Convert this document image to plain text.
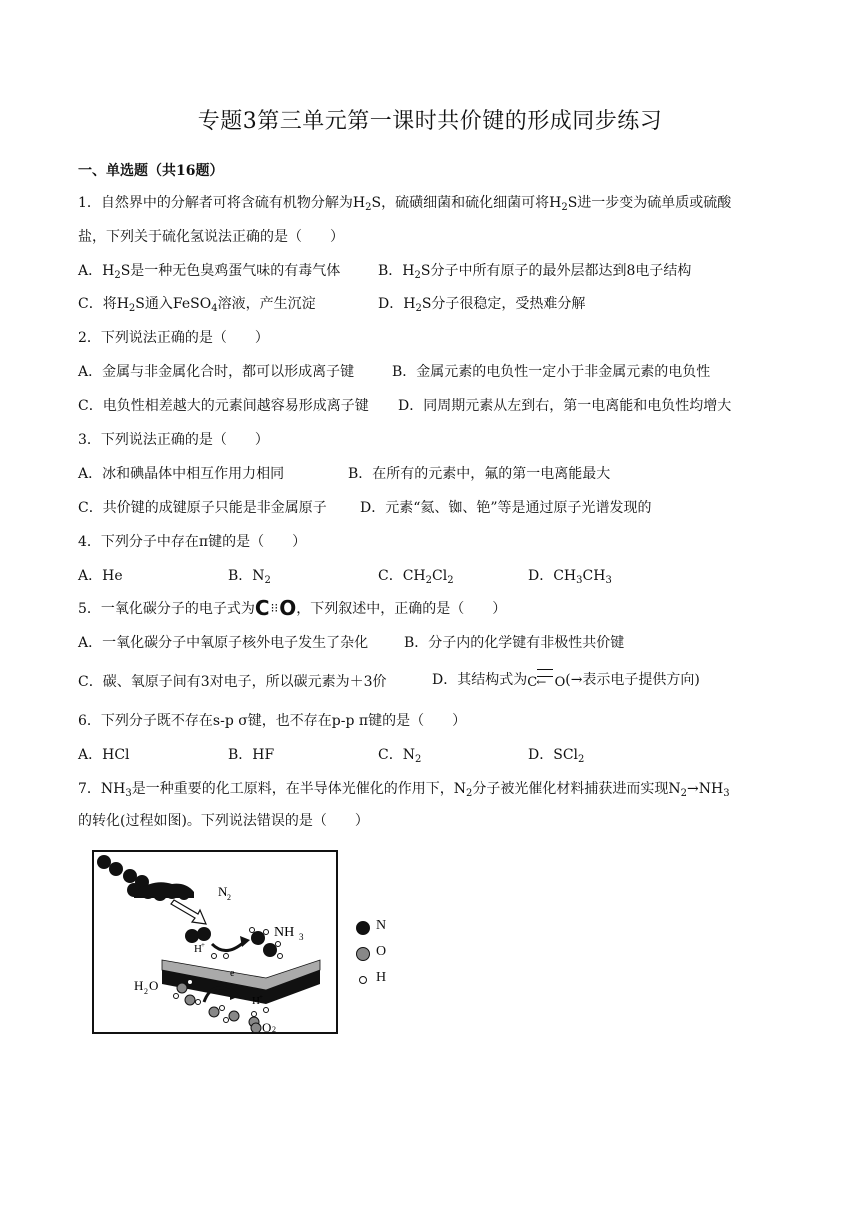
专题3第三单元第一课时共价键的形成同步练习
一、单选题（共16题）
1．自然界中的分解者可将含硫有机物分解为$H_2S$，硫磺细菌和硫化细菌可将$H_2S$进一步变为硫单质或硫酸
盐，下列关于硫化氢说法正确的是（　　）
A．$H_2S$是一种无色臭鸡蛋气味的有毒气体	B．$H_2S$分子中所有原子的最外层都达到8电子结构
C．将$H_2S$通入FeSO$_4$溶液，产生沉淀	D．$H_2S$分子很稳定，受热难分解
2．下列说法正确的是（　　）
A．金属与非金属化合时，都可以形成离子键	B．金属元素的电负性一定小于非金属元素的电负性
C．电负性相差越大的元素间越容易形成离子键 D．同周期元素从左到右，第一电离能和电负性均增大
3．下列说法正确的是（　　）
A．冰和碘晶体中相互作用力相同	B．在所有的元素中，氟的第一电离能最大
C．共价键的成键原子只能是非金属原子 D．元素“氦、铷、铯”等是通过原子光谱发现的
4．下列分子中存在π键的是（　　）
A．He	B．$N_2$	C．$CH_2Cl_2$	D．$CH_3CH_3$
5．一氧化碳分子的电子式为C⁝⁝O，下列叙述中，正确的是（　　）
A．一氧化碳分子中氧原子核外电子发生了杂化	B．分子内的化学键有非极性共价键
C．碳、氧原子间有3对电子，所以碳元素为＋3价	D．其结构式为 C ← O (→表示电子提供方向)
6．下列分子既不存在s-p σ键，也不存在p-p π键的是（　　）
A．HCl	B．HF	C．$N_2$	D．SCl$_2$
7．$NH_3$是一种重要的化工原料，在半导体光催化的作用下，$N_2$分子被光催化材料捕获进而实现$N_2\to NH_3$
的转化(过程如图)。下列说法错误的是（　　）
N 2
H +
NH 3
e
H 2 O
H +
O 2
N
O
H
